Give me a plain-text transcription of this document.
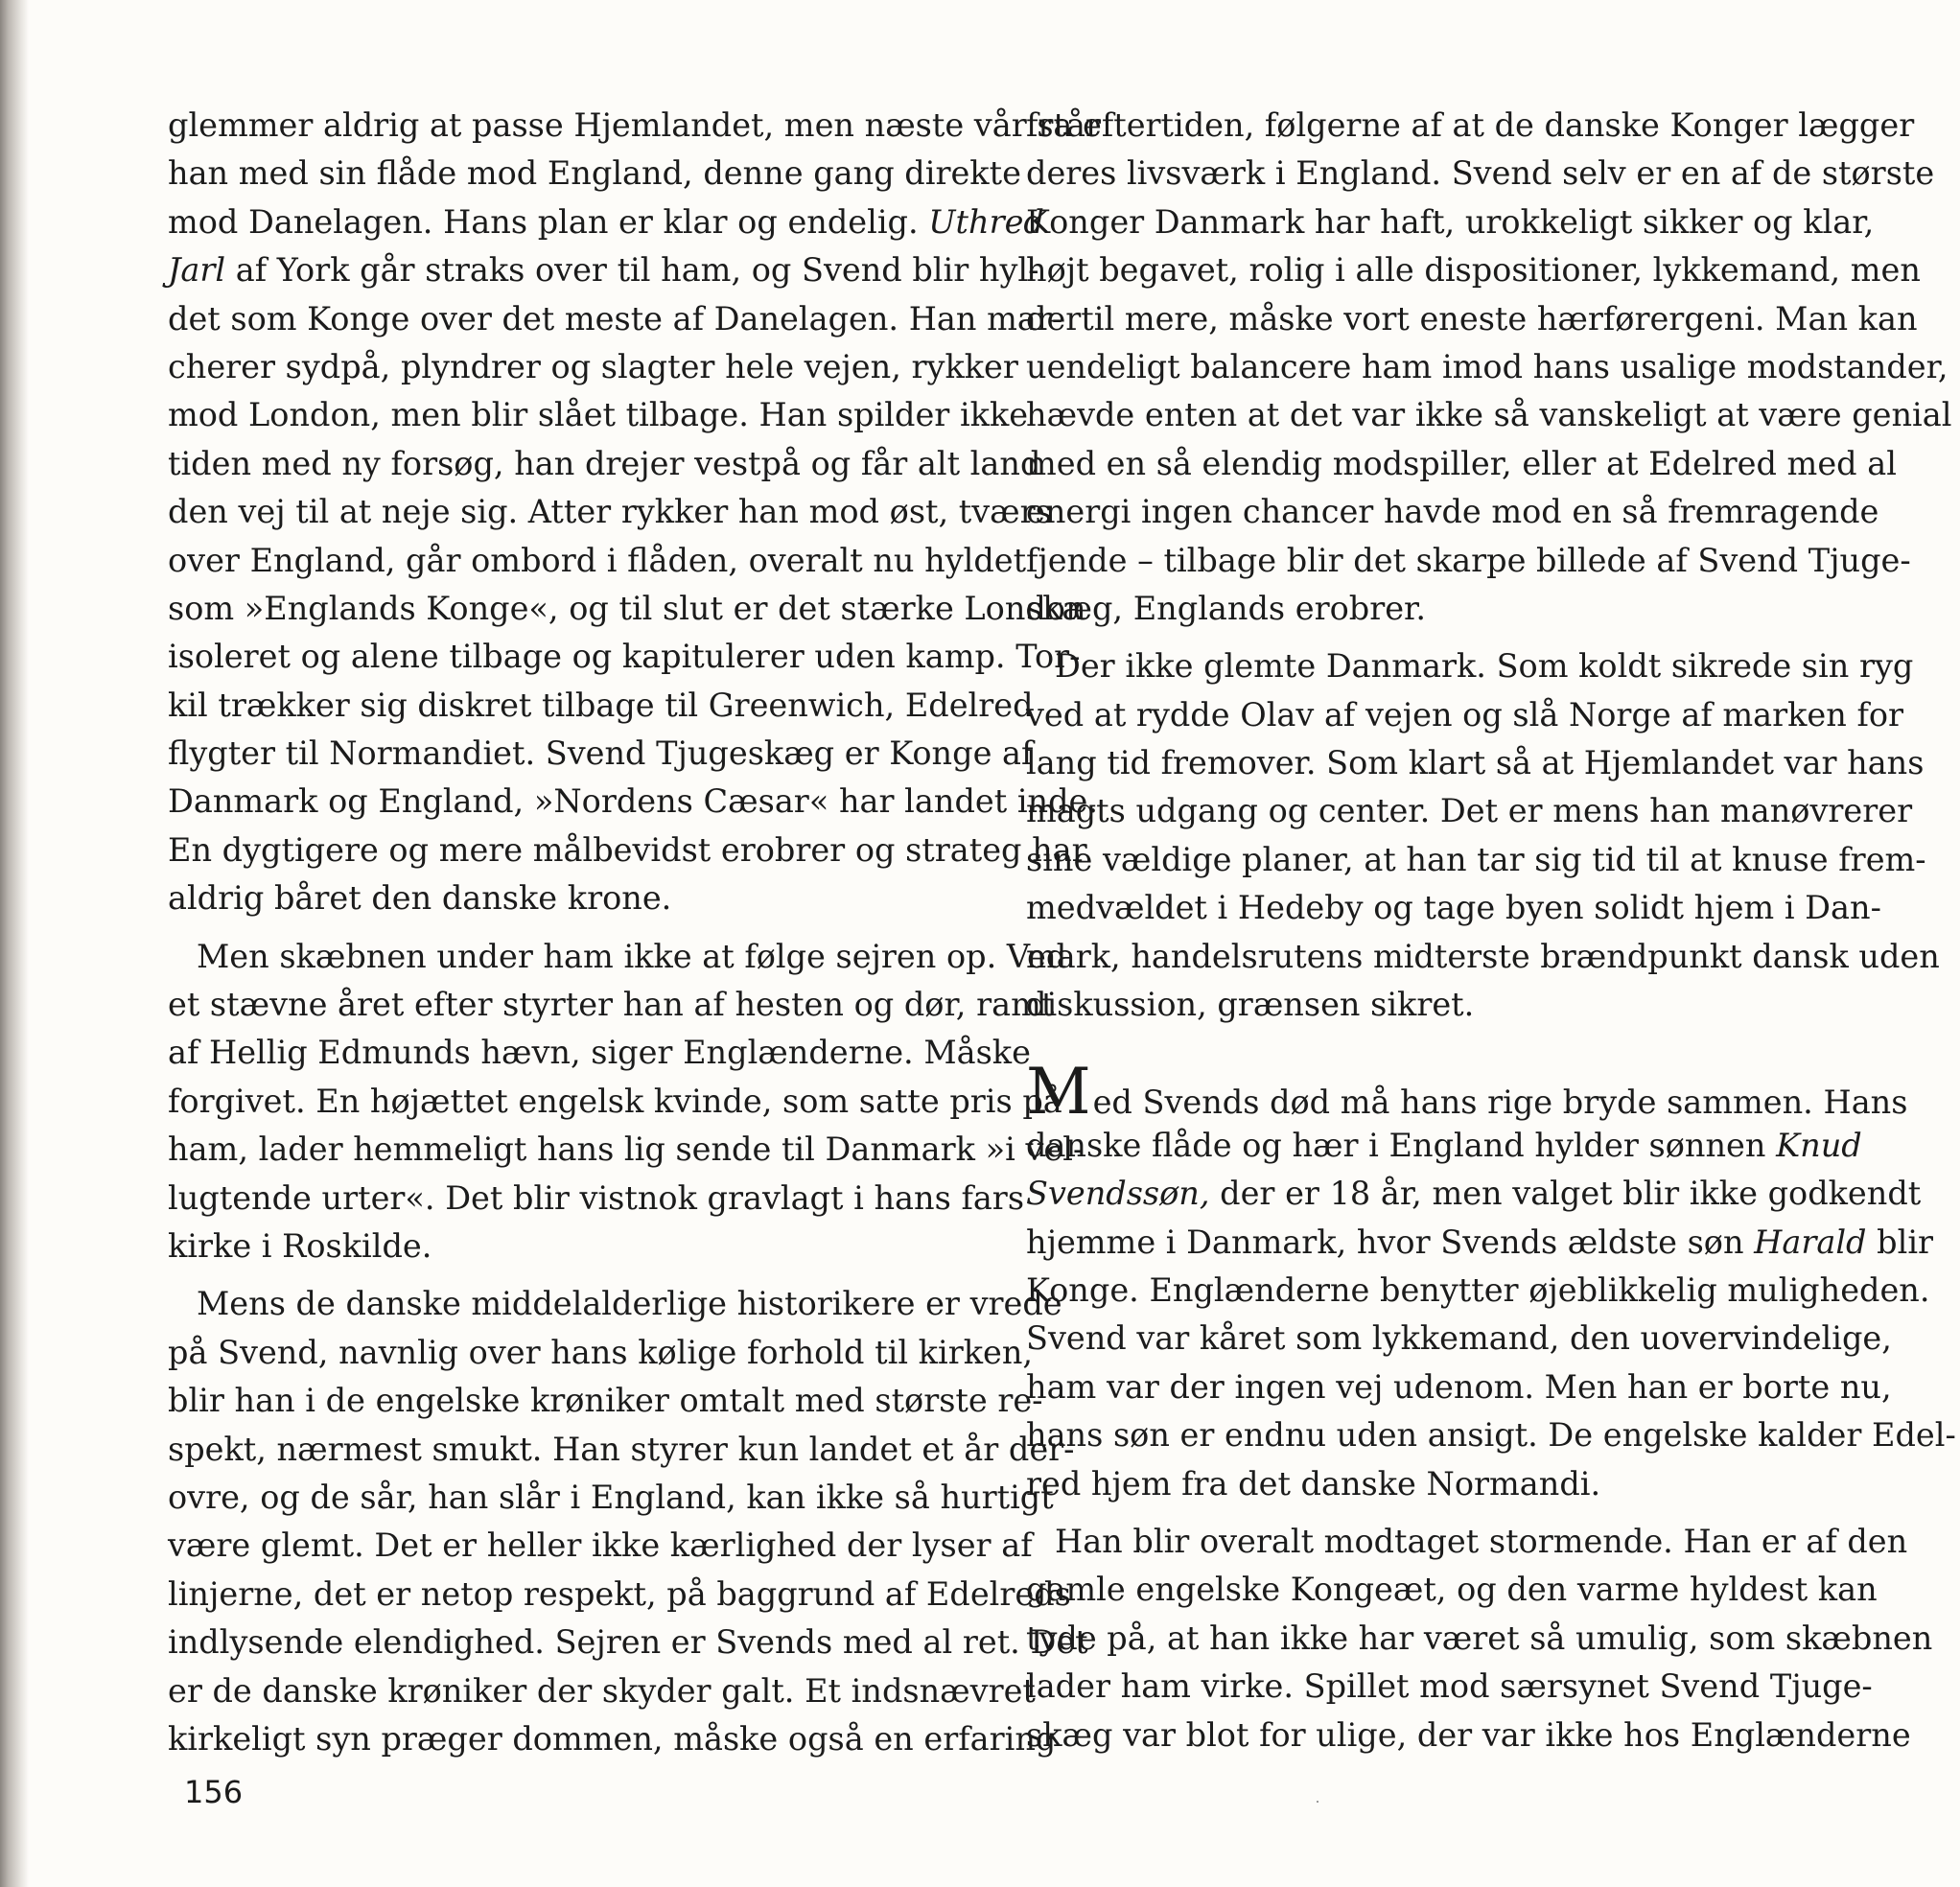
glemmer aldrig at passe Hjemlandet, men næste vår står
han med sin flåde mod England, denne gang direkte
mod Danelagen. Hans plan er klar og endelig. Uthred
Jarl af York går straks over til ham, og Svend blir hyl-
det som Konge over det meste af Danelagen. Han mar-
cherer sydpå, plyndrer og slagter hele vejen, rykker
mod London, men blir slået tilbage. Han spilder ikke
tiden med ny forsøg, han drejer vestpå og får alt land
den vej til at neje sig. Atter rykker han mod øst, tværs
over England, går ombord i flåden, overalt nu hyldet
som »Englands Konge«, og til slut er det stærke London
isoleret og alene tilbage og kapitulerer uden kamp. Tor-
kil trækker sig diskret tilbage til Greenwich, Edelred
flygter til Normandiet. Svend Tjugeskæg er Konge af
Danmark og England, »Nordens Cæsar« har landet inde.
En dygtigere og mere målbevidst erobrer og strateg har
aldrig båret den danske krone.
Men skæbnen under ham ikke at følge sejren op. Ved
et stævne året efter styrter han af hesten og dør, ramt
af Hellig Edmunds hævn, siger Englænderne. Måske
forgivet. En højættet engelsk kvinde, som satte pris på
ham, lader hemmeligt hans lig sende til Danmark »i vel-
lugtende urter«. Det blir vistnok gravlagt i hans fars
kirke i Roskilde.
Mens de danske middelalderlige historikere er vrede
på Svend, navnlig over hans kølige forhold til kirken,
blir han i de engelske krøniker omtalt med største re-
spekt, nærmest smukt. Han styrer kun landet et år der-
ovre, og de sår, han slår i England, kan ikke så hurtigt
være glemt. Det er heller ikke kærlighed der lyser af
linjerne, det er netop respekt, på baggrund af Edelreds
indlysende elendighed. Sejren er Svends med al ret. Det
er de danske krøniker der skyder galt. Et indsnævret
kirkeligt syn præger dommen, måske også en erfaring
fra eftertiden, følgerne af at de danske Konger lægger
deres livsværk i England. Svend selv er en af de største
Konger Danmark har haft, urokkeligt sikker og klar,
højt begavet, rolig i alle dispositioner, lykkemand, men
dertil mere, måske vort eneste hærførergeni. Man kan
uendeligt balancere ham imod hans usalige modstander,
hævde enten at det var ikke så vanskeligt at være genial
med en så elendig modspiller, eller at Edelred med al
energi ingen chancer havde mod en så fremragende
fjende – tilbage blir det skarpe billede af Svend Tjuge-
skæg, Englands erobrer.
Der ikke glemte Danmark. Som koldt sikrede sin ryg
ved at rydde Olav af vejen og slå Norge af marken for
lang tid fremover. Som klart så at Hjemlandet var hans
magts udgang og center. Det er mens han manøvrerer
sine vældige planer, at han tar sig tid til at knuse frem-
medvældet i Hedeby og tage byen solidt hjem i Dan-
mark, handelsrutens midterste brændpunkt dansk uden
diskussion, grænsen sikret.
Med Svends død må hans rige bryde sammen. Hans
danske flåde og hær i England hylder sønnen Knud
Svendssøn, der er 18 år, men valget blir ikke godkendt
hjemme i Danmark, hvor Svends ældste søn Harald blir
Konge. Englænderne benytter øjeblikkelig muligheden.
Svend var kåret som lykkemand, den uovervindelige,
ham var der ingen vej udenom. Men han er borte nu,
hans søn er endnu uden ansigt. De engelske kalder Edel-
red hjem fra det danske Normandi.
Han blir overalt modtaget stormende. Han er af den
gamle engelske Kongeæt, og den varme hyldest kan
tyde på, at han ikke har været så umulig, som skæbnen
lader ham virke. Spillet mod særsynet Svend Tjuge-
skæg var blot for ulige, der var ikke hos Englænderne
156
